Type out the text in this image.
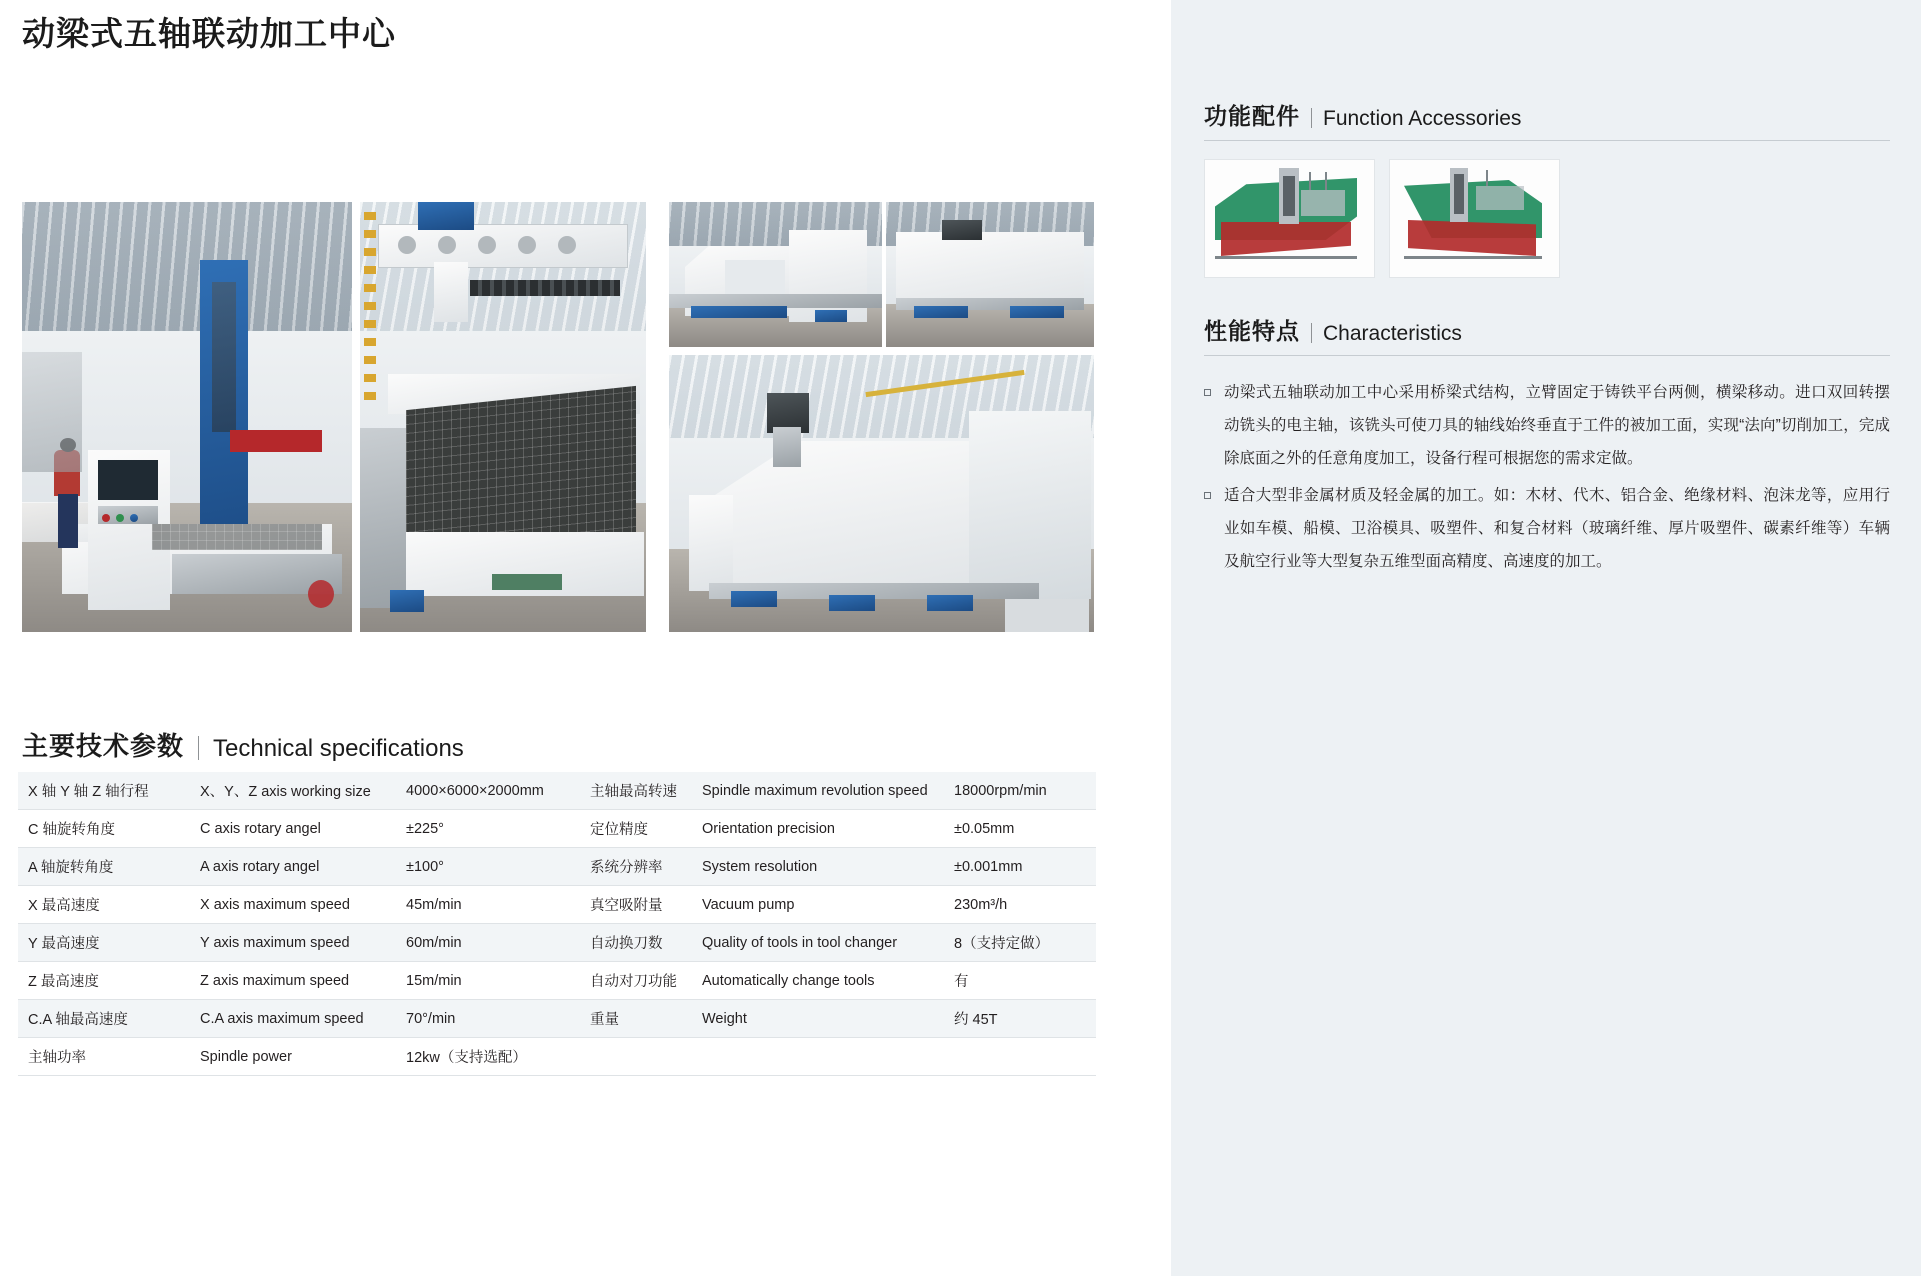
动梁式五轴联动加工中心
主要技术参数 Technical specifications
X 轴 Y 轴 Z 轴行程	X、Y、Z axis working size	4000×6000×2000mm	主轴最高转速	Spindle maximum revolution speed	18000rpm/min
C 轴旋转角度	C axis rotary angel	±225°	定位精度	Orientation precision	±0.05mm
A 轴旋转角度	A axis rotary angel	±100°	系统分辨率	System resolution	±0.001mm
X 最高速度	X axis maximum speed	45m/min	真空吸附量	Vacuum pump	230m³/h
Y 最高速度	Y axis maximum speed	60m/min	自动换刀数	Quality of tools in tool changer	8（支持定做）
Z 最高速度	Z axis maximum speed	15m/min	自动对刀功能	Automatically change tools	有
C.A 轴最高速度	C.A axis maximum speed	70°/min	重量	Weight	约 45T
主轴功率	Spindle power	12kw（支持选配）			
功能配件 Function Accessories
性能特点 Characteristics
动梁式五轴联动加工中心采用桥梁式结构，立臂固定于铸铁平台两侧，横梁移动。进口双回转摆动铣头的电主轴，该铣头可使刀具的轴线始终垂直于工件的被加工面，实现“法向”切削加工，完成除底面之外的任意角度加工，设备行程可根据您的需求定做。
适合大型非金属材质及轻金属的加工。如：木材、代木、铝合金、绝缘材料、泡沫龙等，应用行业如车模、船模、卫浴模具、吸塑件、和复合材料（玻璃纤维、厚片吸塑件、碳素纤维等）车辆及航空行业等大型复杂五维型面高精度、高速度的加工。
